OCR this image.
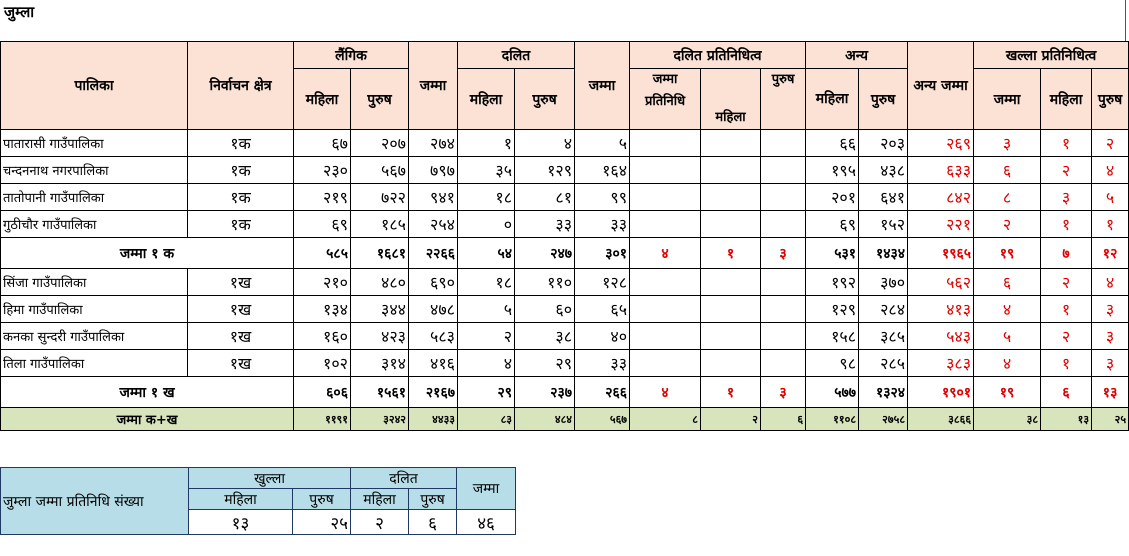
जुम्ला
पालिका	निर्वाचन क्षेत्र	लैंगिक		जम्मा	दलित		जम्मा	दलित प्रतिनिधित्व			अन्य		अन्य जम्मा	खल्ला प्रतिनिधित्व		
		महिला	पुरुष		महिला	पुरुष		जम्मा प्रतिनिधि	महिला	पुरुष	महिला	पुरुष		जम्मा	महिला	पुरुष

पातारासी गाउँपालिका	१क	६७	२०७	२७४	१	४	५				६६	२०३	२६९	३	१	२
चन्दननाथ नगरपालिका	१क	२३०	५६७	७९७	३५	१२९	१६४				१९५	४३८	६३३	६	२	४
तातोपानी गाउँपालिका	१क	२१९	७२२	९४१	१८	८१	९९				२०१	६४१	८४२	८	३	५
गुठीचौर गाउँपालिका	१क	६९	१८५	२५४	०	३३	३३				६९	१५२	२२१	२	१	१
जम्मा १ क		५८५	१६८१	२२६६	५४	२४७	३०१	४	१	३	५३१	१४३४	१९६५	१९	७	१२
सिंजा गाउँपालिका	१ख	२१०	४८०	६९०	१८	११०	१२८				१९२	३७०	५६२	६	२	४
हिमा गाउँपालिका	१ख	१३४	३४४	४७८	५	६०	६५				१२९	२८४	४१३	४	१	३
कनका सुन्दरी गाउँपालिका	१ख	१६०	४२३	५८३	२	३८	४०				१५८	३८५	५४३	५	२	३
तिला गाउँपालिका	१ख	१०२	३१४	४१६	४	२९	३३				९८	२८५	३८३	४	१	३
जम्मा १ ख		६०६	१५६१	२१६७	२९	२३७	२६६	४	१	३	५७७	१३२४	१९०१	१९	६	१३
जम्मा क+ख		११९१	३२४२	४४३३	८३	४८४	५६७	८	२	६	११०८	२७५८	३८६६	३८	१३	२५
जुम्ला जम्मा प्रतिनिधि संख्या	खुल्ला		दलित		जम्मा
	महिला	पुरुष	महिला	पुरुष	
	१३	२५	२	६	४६
